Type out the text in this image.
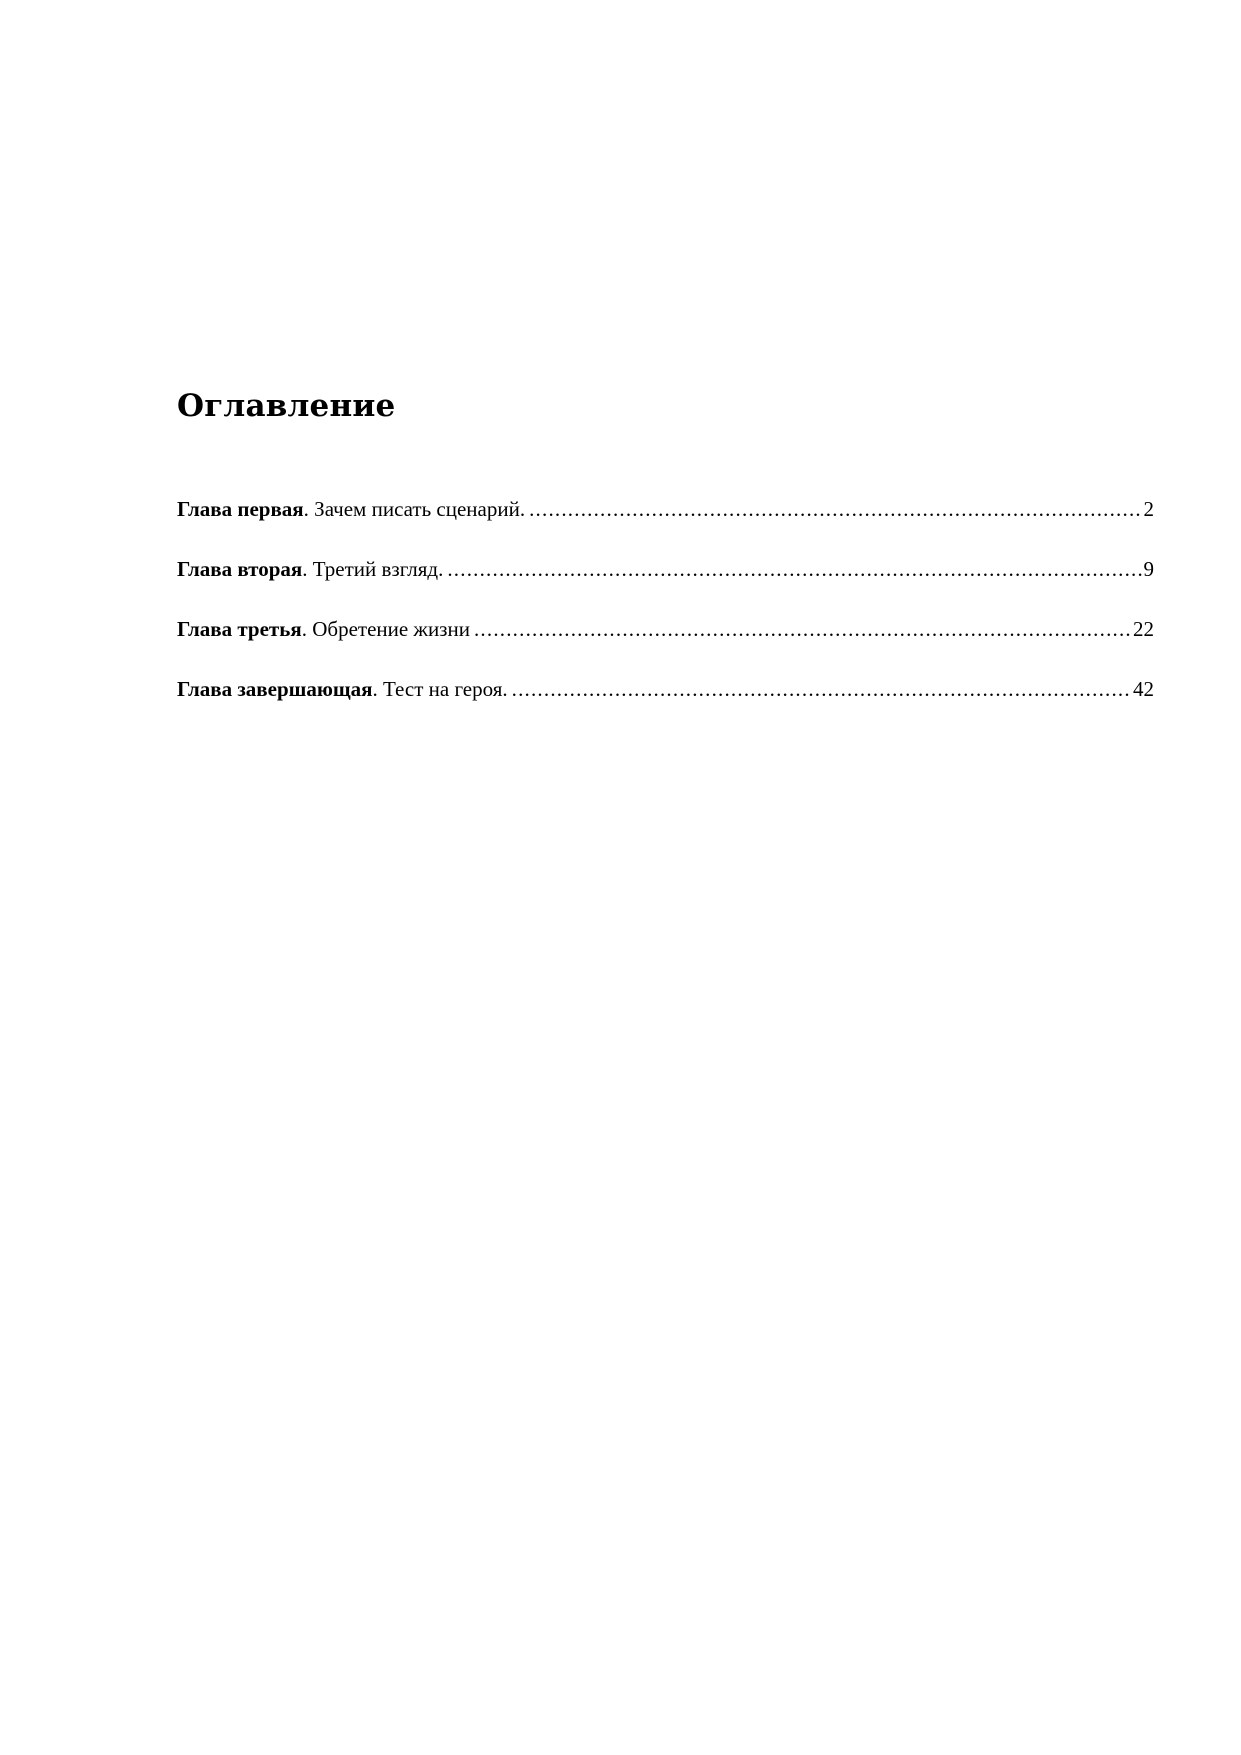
Оглавление
Глава первая. Зачем писать сценарий. .....	2
Глава вторая. Третий взгляд. .....	9
Глава третья. Обретение жизни .....	22
Глава завершающая. Тест на героя. .....	42
